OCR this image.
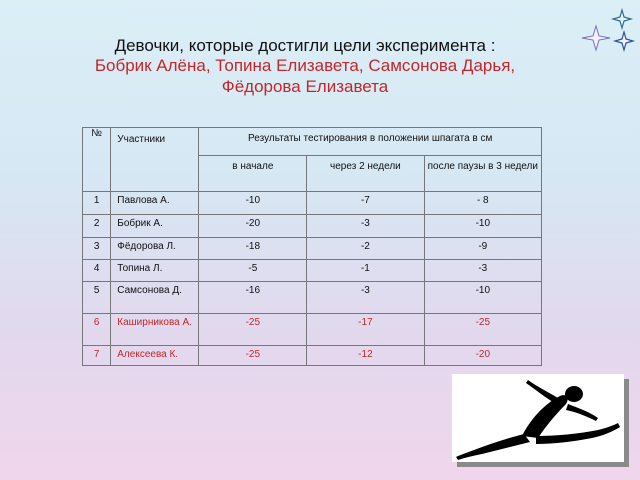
Девочки, которые достигли цели эксперимента :

Бобрик Алёна, Топина Елизавета, Самсонова Дарья,

Фёдорова Елизавета

№	Участники	Результаты тестирования в положении шпагата в см		
		в начале	через 2 недели	после паузы в 3 недели
1	Павлова А.	-10	-7	- 8
2	Бобрик А.	-20	-3	-10
3	Фёдорова Л.	-18	-2	-9
4	Топина Л.	-5	-1	-3
5	Самсонова Д.	-16	-3	-10
6	Каширникова А.	-25	-17	-25
7	Алексеева К.	-25	-12	-20
